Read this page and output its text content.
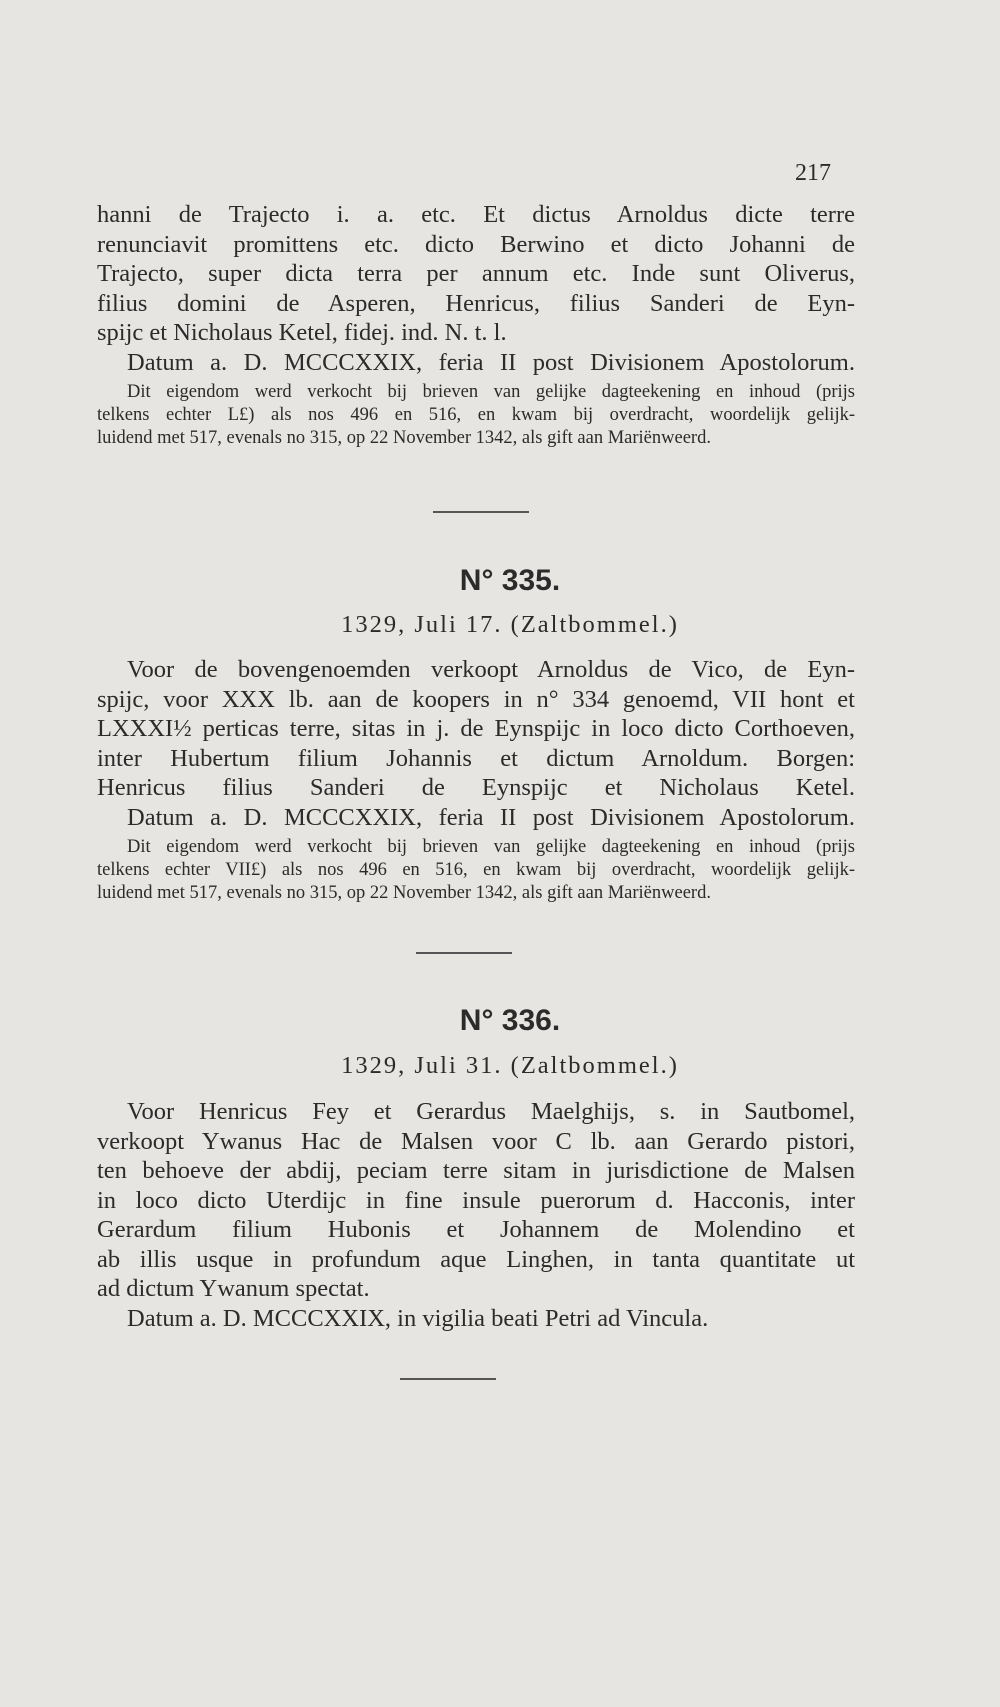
217

hanni de Trajecto i. a. etc. Et dictus Arnoldus dicte terre
renunciavit promittens etc. dicto Berwino et dicto Johanni de
Trajecto, super dicta terra per annum etc. Inde sunt Oliverus,
filius domini de Asperen, Henricus, filius Sanderi de Eyn-
spijc et Nicholaus Ketel, fidej. ind. N. t. l.
Datum a. D. MCCCXXIX, feria II post Divisionem Apostolorum.

Dit eigendom werd verkocht bij brieven van gelijke dagteekening en inhoud (prijs
telkens echter L£) als nos 496 en 516, en kwam bij overdracht, woordelijk gelijk-
luidend met 517, evenals no 315, op 22 November 1342, als gift aan Mariënweerd.

N° 335.
1329, Juli 17. (Zaltbommel.)

Voor de bovengenoemden verkoopt Arnoldus de Vico, de Eyn-
spijc, voor XXX lb. aan de koopers in n° 334 genoemd, VII hont et
LXXXI½ perticas terre, sitas in j. de Eynspijc in loco dicto Corthoeven,
inter Hubertum filium Johannis et dictum Arnoldum. Borgen:
Henricus filius Sanderi de Eynspijc et Nicholaus Ketel.
Datum a. D. MCCCXXIX, feria II post Divisionem Apostolorum.

Dit eigendom werd verkocht bij brieven van gelijke dagteekening en inhoud (prijs
telkens echter VII£) als nos 496 en 516, en kwam bij overdracht, woordelijk gelijk-
luidend met 517, evenals no 315, op 22 November 1342, als gift aan Mariënweerd.

N° 336.
1329, Juli 31. (Zaltbommel.)

Voor Henricus Fey et Gerardus Maelghijs, s. in Sautbomel,
verkoopt Ywanus Hac de Malsen voor C lb. aan Gerardo pistori,
ten behoeve der abdij, peciam terre sitam in jurisdictione de Malsen
in loco dicto Uterdijc in fine insule puerorum d. Hacconis, inter
Gerardum filium Hubonis et Johannem de Molendino et
ab illis usque in profundum aque Linghen, in tanta quantitate ut
ad dictum Ywanum spectat.
Datum a. D. MCCCXXIX, in vigilia beati Petri ad Vincula.
